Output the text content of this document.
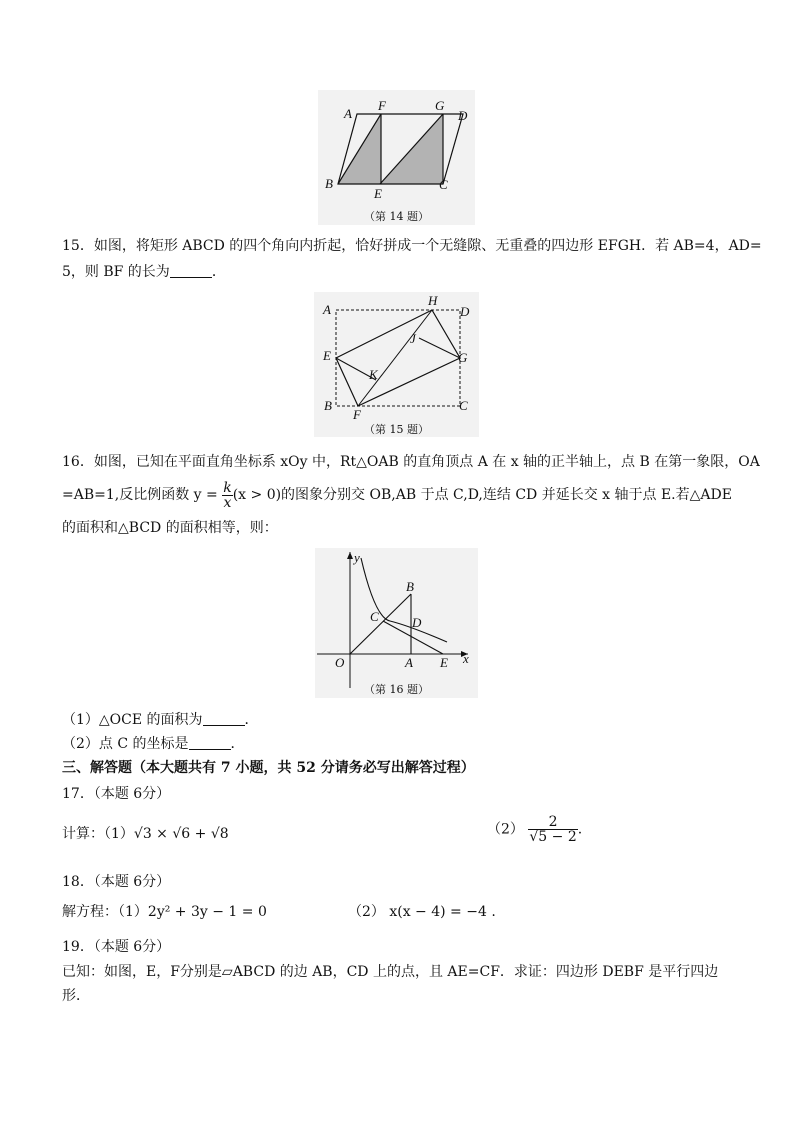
A
F	G
D
B
E
C
（第 14 题）
15．如图，将矩形 ABCD 的四个角向内折起，恰好拼成一个无缝隙、无重叠的四边形 EFGH．若 AB=4，AD=
5，则 BF 的长为	．
A
H
D
J
E	G
K
B
F
C
（第 15 题）
16．如图，已知在平面直角坐标系 xOy 中，Rt△OAB 的直角顶点 A 在 x 轴的正半轴上，点 B 在第一象限，OA
=AB=1,反比例函数 $y = \frac{k}{x} (x > 0)$的图象分别交 OB,AB 于点 C,D,连结 CD 并延长交 x 轴于点 E.若△ADE
的面积和△BCD 的面积相等，则：
y
x
B
C	D
O	A E
（第 16 题）
（1）△OCE 的面积为	．
（2）点 C 的坐标是	．
三、解答题（本大题共有 7 小题，共 52 分请务必写出解答过程）
17．（本题 6分）
计算：（1）√3 × √6 + √8	$(2) \frac{2}{√5 - 2}$ .
18．（本题 6分）
解方程：（1）2y² + 3y − 1 = 0	（2） x(x − 4) = −4 .
19．（本题 6分）
已知：如图，E，F分别是▱ABCD 的边 AB，CD 上的点，且 AE=CF．求证：四边形 DEBF 是平行四边
形．
